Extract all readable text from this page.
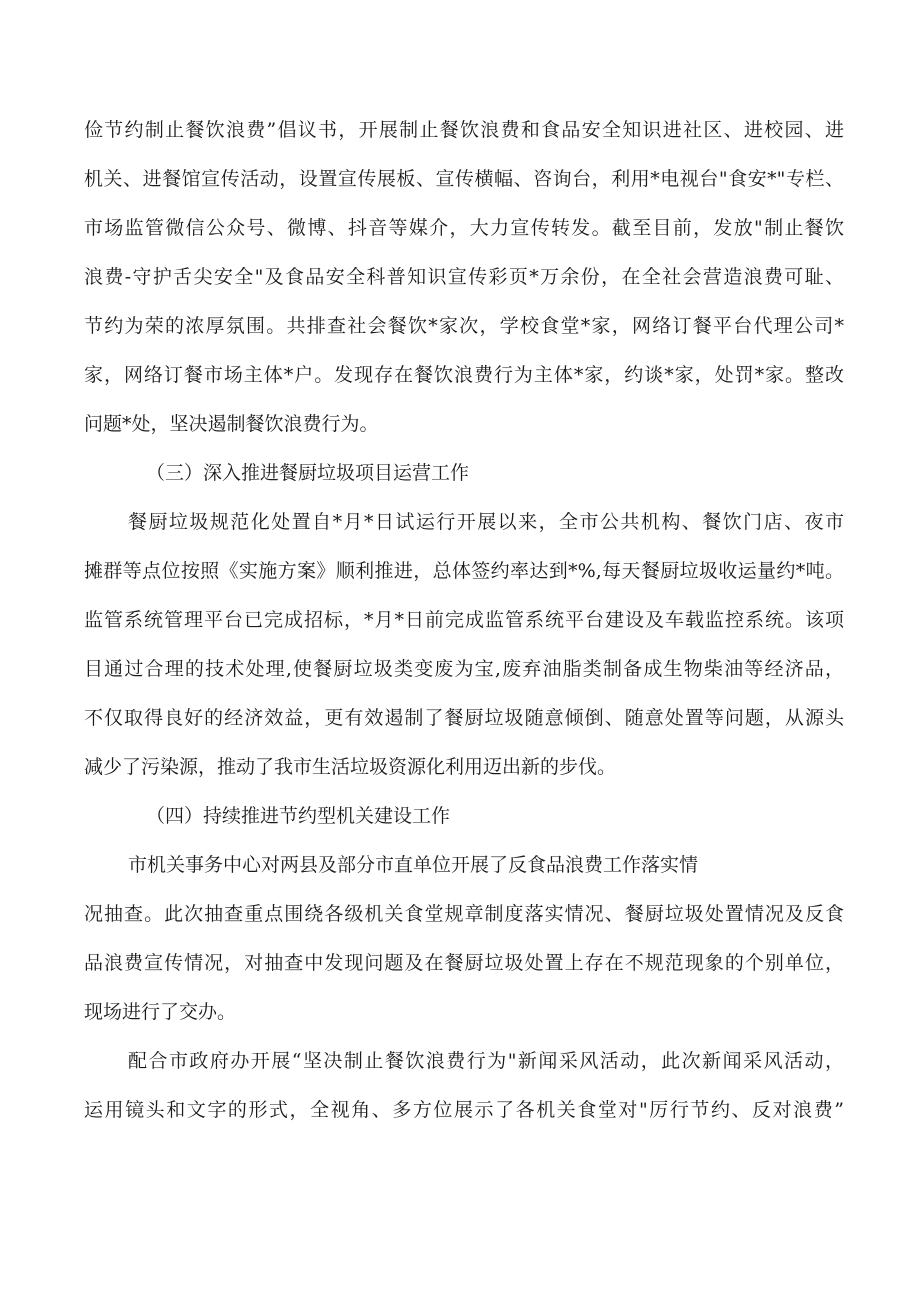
俭节约制止餐饮浪费”倡议书，开展制止餐饮浪费和食品安全知识进社区、进校园、进

机关、进餐馆宣传活动，设置宣传展板、宣传横幅、咨询台，利用*电视台"食安*"专栏、

市场监管微信公众号、微博、抖音等媒介，大力宣传转发。截至目前，发放"制止餐饮

浪费-守护舌尖安全"及食品安全科普知识宣传彩页*万余份，在全社会营造浪费可耻、

节约为荣的浓厚氛围。共排查社会餐饮*家次，学校食堂*家，网络订餐平台代理公司*

家，网络订餐市场主体*户。发现存在餐饮浪费行为主体*家，约谈*家，处罚*家。整改

问题*处，坚决遏制餐饮浪费行为。

（三）深入推进餐厨垃圾项目运营工作

餐厨垃圾规范化处置自*月*日试运行开展以来，全市公共机构、餐饮门店、夜市

摊群等点位按照《实施方案》顺利推进，总体签约率达到*%,每天餐厨垃圾收运量约*吨。

监管系统管理平台已完成招标，*月*日前完成监管系统平台建设及车载监控系统。该项

目通过合理的技术处理,使餐厨垃圾类变废为宝,废弃油脂类制备成生物柴油等经济品，

不仅取得良好的经济效益，更有效遏制了餐厨垃圾随意倾倒、随意处置等问题，从源头

减少了污染源，推动了我市生活垃圾资源化利用迈出新的步伐。

（四）持续推进节约型机关建设工作

市机关事务中心对两县及部分市直单位开展了反食品浪费工作落实情

况抽查。此次抽查重点围绕各级机关食堂规章制度落实情况、餐厨垃圾处置情况及反食

品浪费宣传情况，对抽查中发现问题及在餐厨垃圾处置上存在不规范现象的个别单位，

现场进行了交办。

配合市政府办开展“坚决制止餐饮浪费行为"新闻采风活动，此次新闻采风活动，

运用镜头和文字的形式，全视角、多方位展示了各机关食堂对"厉行节约、反对浪费”
